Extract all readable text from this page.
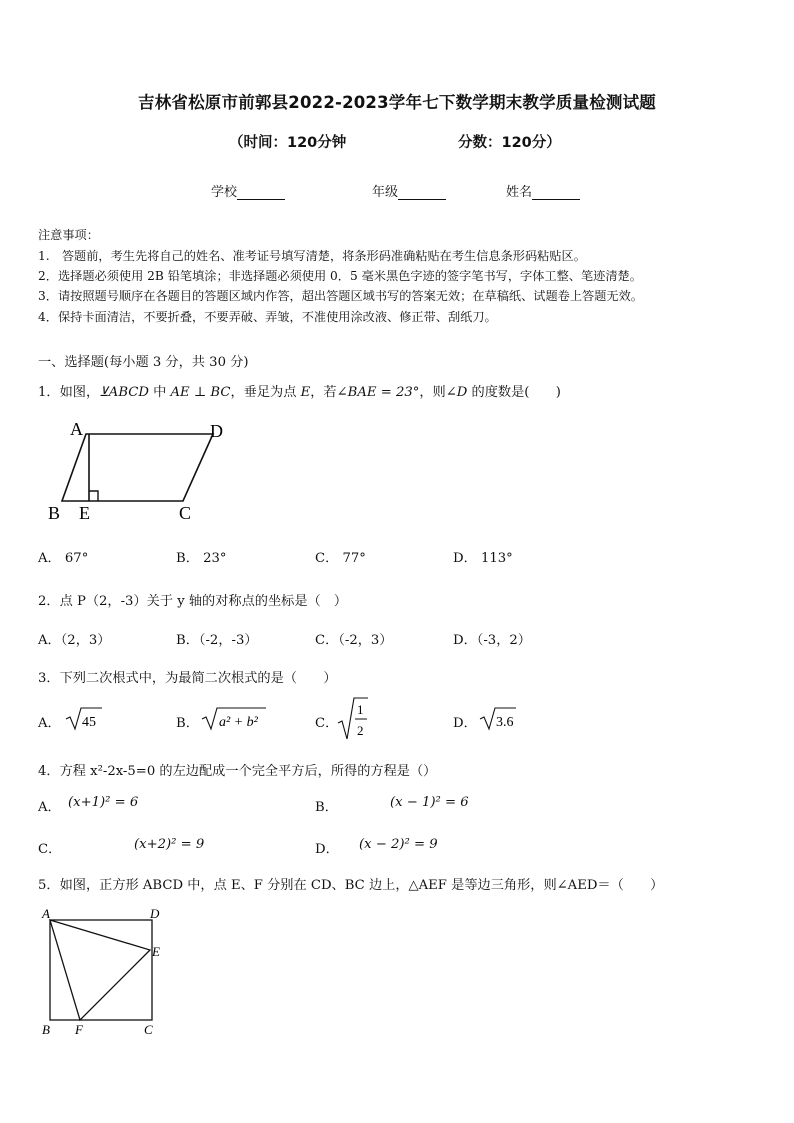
吉林省松原市前郭县2022-2023学年七下数学期末教学质量检测试题
（时间：120分钟	分数：120分）
学校	年级	姓名
注意事项：
1.　答题前，考生先将自己的姓名、准考证号填写清楚，将条形码准确粘贴在考生信息条形码粘贴区。
2．选择题必须使用 2B 铅笔填涂；非选择题必须使用 0．5 毫米黑色字迹的签字笔书写，字体工整、笔迹清楚。
3．请按照题号顺序在各题目的答题区域内作答，超出答题区域书写的答案无效；在草稿纸、试题卷上答题无效。
4．保持卡面清洁，不要折叠，不要弄破、弄皱，不准使用涂改液、修正带、刮纸刀。
一、选择题(每小题 3 分，共 30 分)
1．如图，⊻ABCD 中 AE ⊥ BC，垂足为点 E，若∠BAE = 23°，则∠D 的度数是(　　)
A	D
B E	C
A． 67°	B． 23°	C． 77°	D． 113°
2．点 P（2，-3）关于 y 轴的对称点的坐标是（　）
A．（2，3）	B．（-2，-3）	C．（-2，3）	D．（-3，2）
3．下列二次根式中，为最简二次根式的是（　　）
A． 45	B． a² + b²	C．
1
2	D． 3.6
4．方程 x²-2x-5=0 的左边配成一个完全平方后，所得的方程是（）
A． (x+1)² = 6	B．	(x − 1)² = 6
C．	(x+2)² = 9	D． (x − 2)² = 9
5．如图，正方形 ABCD 中，点 E、F 分别在 CD、BC 边上，△AEF 是等边三角形，则∠AED＝（　　）
A	D
E
B F	C
